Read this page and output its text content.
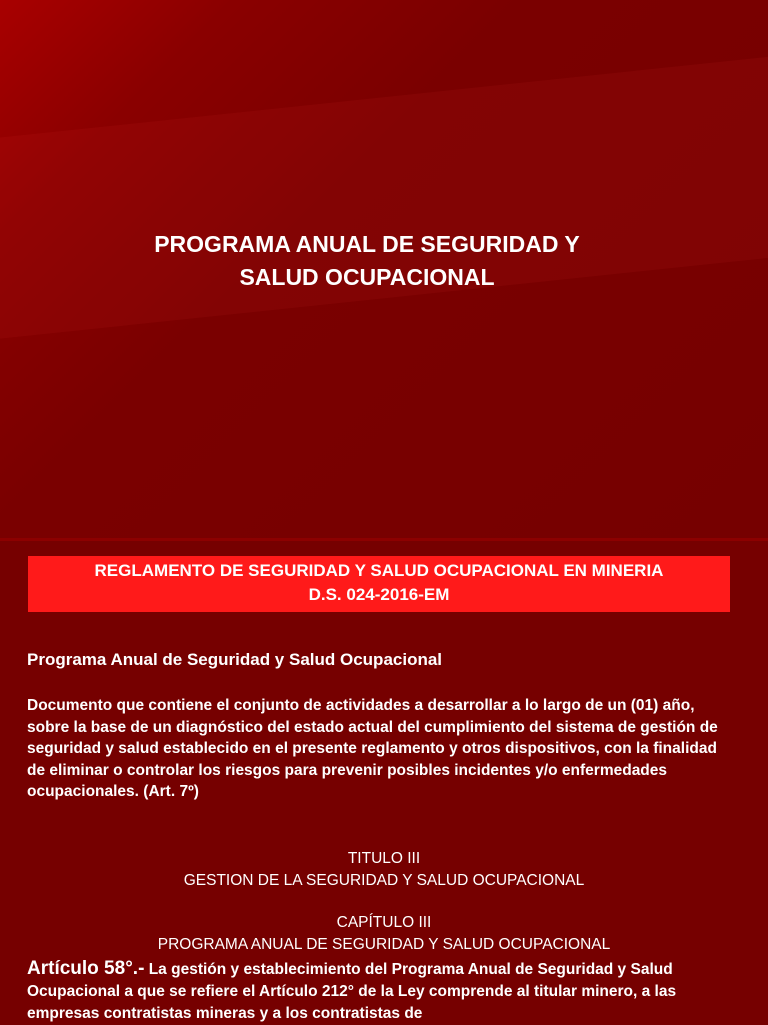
PROGRAMA ANUAL DE SEGURIDAD Y
SALUD OCUPACIONAL
REGLAMENTO DE SEGURIDAD Y SALUD OCUPACIONAL EN MINERIA
D.S. 024-2016-EM
Programa Anual de Seguridad y Salud Ocupacional

Documento que contiene el conjunto de actividades a desarrollar a lo largo de un (01) año, sobre la base de un diagnóstico del estado actual del cumplimiento del sistema de gestión de seguridad y salud establecido en el presente reglamento y otros dispositivos, con la finalidad de eliminar o controlar los riesgos para prevenir posibles incidentes y/o enfermedades ocupacionales. (Art. 7º)

TITULO III
GESTION DE LA SEGURIDAD Y SALUD OCUPACIONAL
CAPÍTULO III
PROGRAMA ANUAL DE SEGURIDAD Y SALUD OCUPACIONAL

Artículo 58°.- La gestión y establecimiento del Programa Anual de Seguridad y Salud Ocupacional a que se refiere el Artículo 212° de la Ley comprende al titular minero, a las empresas contratistas mineras y a los contratistas de
